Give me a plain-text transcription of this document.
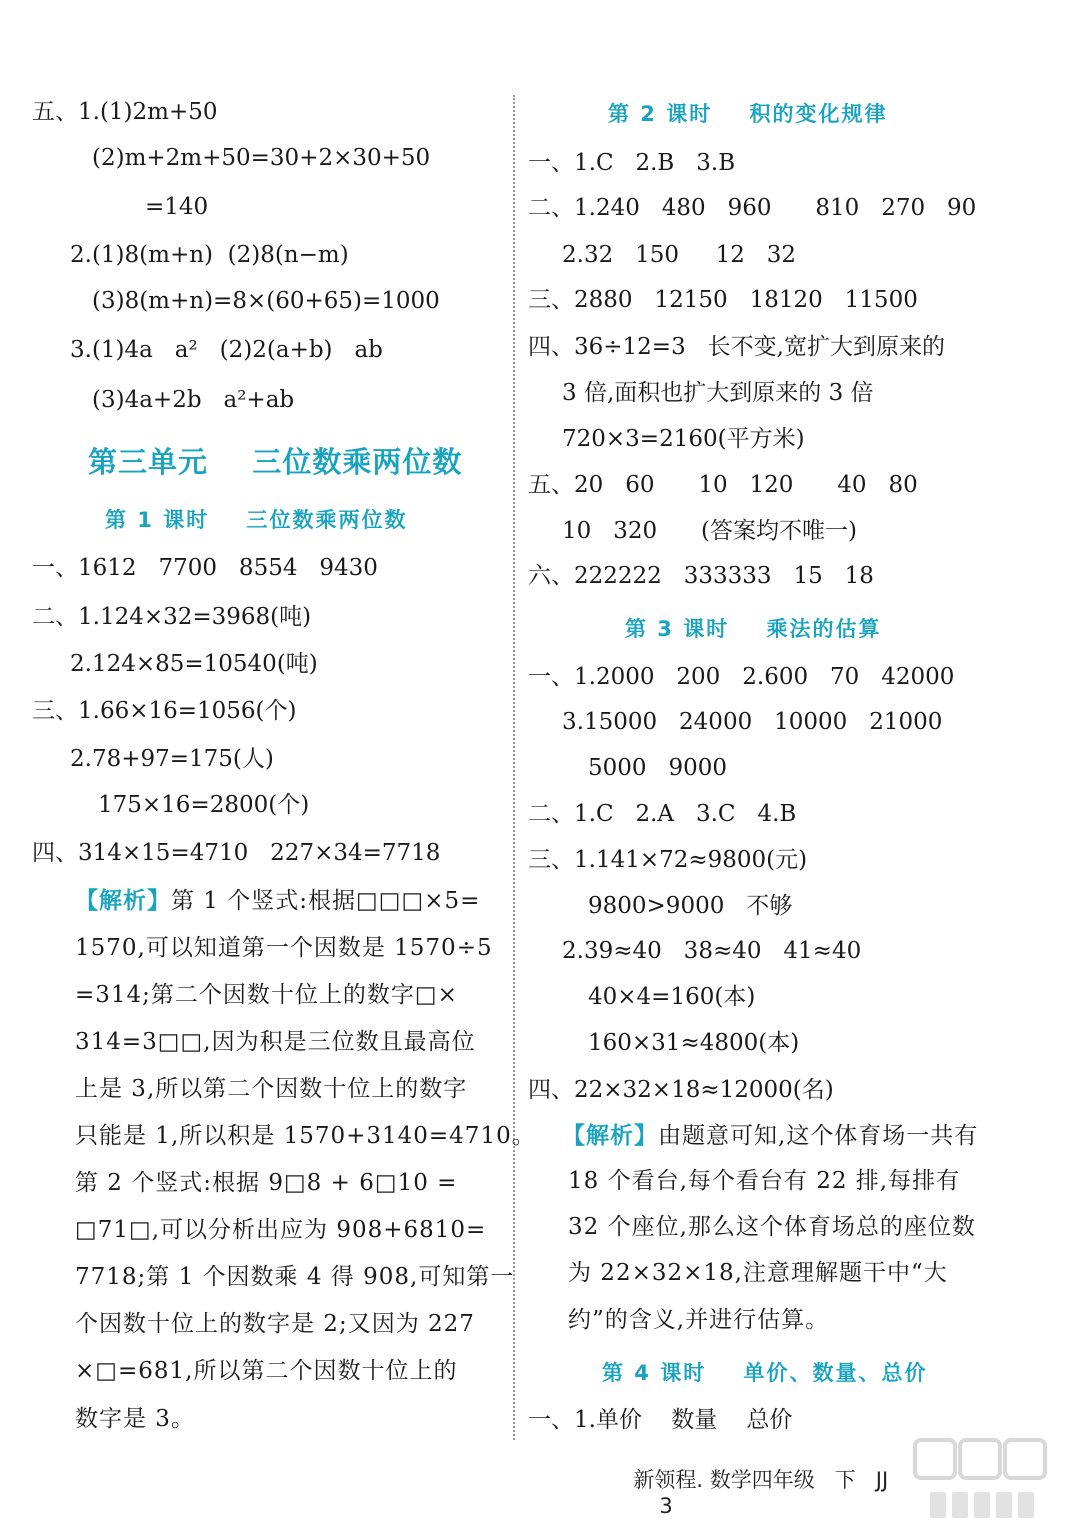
五、1.(1)2m+50
(2)m+2m+50=30+2×30+50
=140
2.(1)8(m+n)  (2)8(n−m)
(3)8(m+n)=8×(60+65)=1000
3.(1)4a   a²   (2)2(a+b)   ab
(3)4a+2b   a²+ab
第三单元    三位数乘两位数
第 1 课时    三位数乘两位数
一、1612   7700   8554   9430
二、1.124×32=3968(吨)
2.124×85=10540(吨)
三、1.66×16=1056(个)
2.78+97=175(人)
175×16=2800(个)
四、314×15=4710   227×34=7718
【解析】第 1 个竖式:根据□□□×5=
1570,可以知道第一个因数是 1570÷5
=314;第二个因数十位上的数字□×
314=3□□,因为积是三位数且最高位
上是 3,所以第二个因数十位上的数字
只能是 1,所以积是 1570+3140=4710。
第 2 个竖式:根据 9□8 + 6□10 =
□71□,可以分析出应为 908+6810=
7718;第 1 个因数乘 4 得 908,可知第一
个因数十位上的数字是 2;又因为 227
×□=681,所以第二个因数十位上的
数字是 3。
第 2 课时    积的变化规律
一、1.C   2.B   3.B
二、1.240   480   960      810   270   90
2.32   150     12   32
三、2880   12150   18120   11500
四、36÷12=3   长不变,宽扩大到原来的
3 倍,面积也扩大到原来的 3 倍
720×3=2160(平方米)
五、20   60      10   120      40   80
10   320      (答案均不唯一)
六、222222   333333   15   18
第 3 课时    乘法的估算
一、1.2000   200   2.600   70   42000
3.15000   24000   10000   21000
5000   9000
二、1.C   2.A   3.C   4.B
三、1.141×72≈9800(元)
9800>9000   不够
2.39≈40   38≈40   41≈40
40×4=160(本)
160×31≈4800(本)
四、22×32×18≈12000(名)
【解析】由题意可知,这个体育场一共有
18 个看台,每个看台有 22 排,每排有
32 个座位,那么这个体育场总的座位数
为 22×32×18,注意理解题干中“大
约”的含义,并进行估算。
第 4 课时    单价、数量、总价
一、1.单价    数量    总价

新领程. 数学四年级   下   JJ
3
